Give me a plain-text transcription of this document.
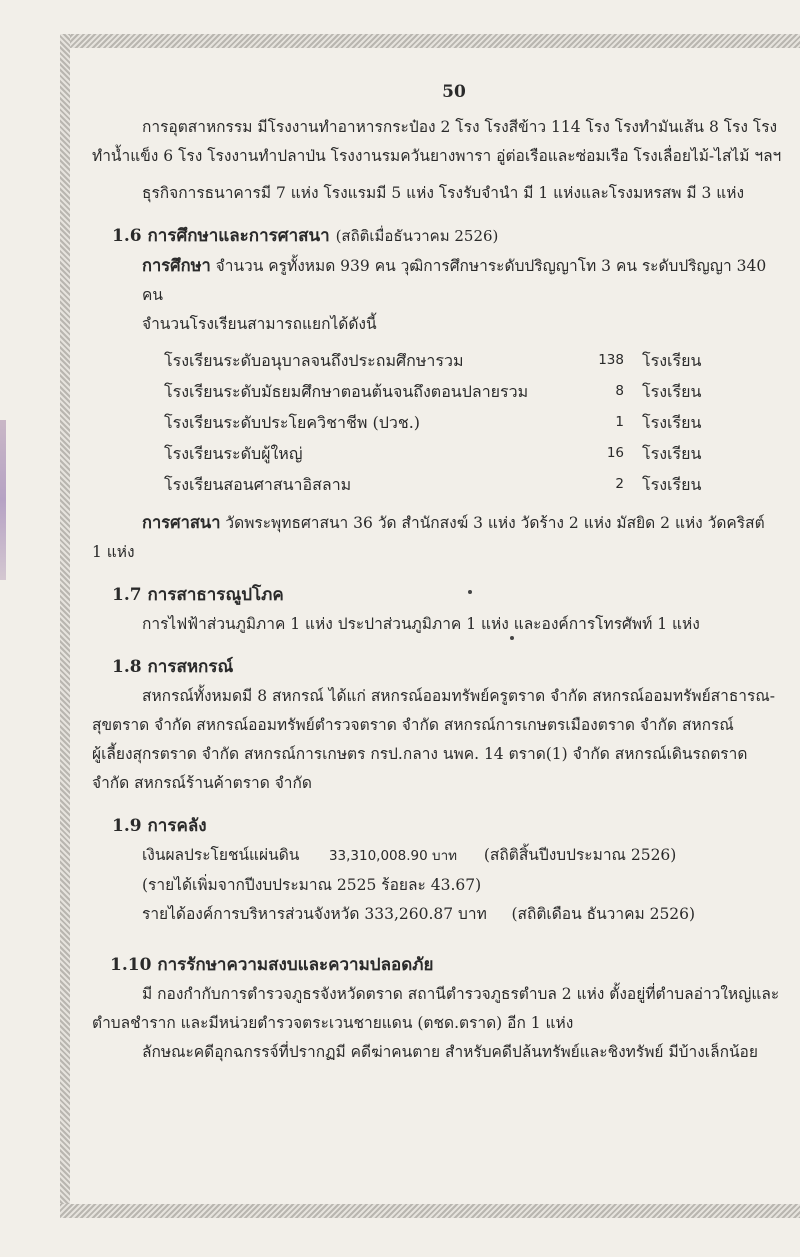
50

การอุตสาหกรรม มีโรงงานทำอาหารกระป๋อง 2 โรง โรงสีข้าว 114 โรง โรงทำมันเส้น 8 โรง โรง

ทำน้ำแข็ง 6 โรง โรงงานทำปลาป่น โรงงานรมควันยางพารา อู่ต่อเรือและซ่อมเรือ โรงเลื่อยไม้-ไสไม้ ฯลฯ

ธุรกิจการธนาคารมี 7 แห่ง โรงแรมมี 5 แห่ง โรงรับจำนำ มี 1 แห่งและโรงมหรสพ มี 3 แห่ง

1.6 การศึกษาและการศาสนา (สถิติเมื่อธันวาคม 2526)

การศึกษา จำนวน ครูทั้งหมด 939 คน วุฒิการศึกษาระดับปริญญาโท 3 คน ระดับปริญญา 340 คน

จำนวนโรงเรียนสามารถแยกได้ดังนี้

โรงเรียนระดับอนุบาลจนถึงประถมศึกษารวม	138	โรงเรียน
โรงเรียนระดับมัธยมศึกษาตอนต้นจนถึงตอนปลายรวม	8	โรงเรียน
โรงเรียนระดับประโยควิชาชีพ (ปวช.)	1	โรงเรียน
โรงเรียนระดับผู้ใหญ่	16	โรงเรียน
โรงเรียนสอนศาสนาอิสลาม	2	โรงเรียน

การศาสนา วัดพระพุทธศาสนา 36 วัด สำนักสงฆ์ 3 แห่ง วัดร้าง 2 แห่ง มัสยิด 2 แห่ง วัดคริสต์

1 แห่ง

1.7 การสาธารณูปโภค

การไฟฟ้าส่วนภูมิภาค 1 แห่ง ประปาส่วนภูมิภาค 1 แห่ง และองค์การโทรศัพท์ 1 แห่ง

1.8 การสหกรณ์

สหกรณ์ทั้งหมดมี 8 สหกรณ์ ได้แก่ สหกรณ์ออมทรัพย์ครูตราด จำกัด สหกรณ์ออมทรัพย์สาธารณ-

สุขตราด จำกัด สหกรณ์ออมทรัพย์ตำรวจตราด จำกัด สหกรณ์การเกษตรเมืองตราด จำกัด สหกรณ์

ผู้เลี้ยงสุกรตราด จำกัด สหกรณ์การเกษตร กรป.กลาง นพค. 14 ตราด(1) จำกัด สหกรณ์เดินรถตราด

จำกัด สหกรณ์ร้านค้าตราด จำกัด

1.9 การคลัง

เงินผลประโยชน์แผ่นดิน 33,310,008.90 บาท (สถิติสิ้นปีงบประมาณ 2526)

(รายได้เพิ่มจากปีงบประมาณ 2525 ร้อยละ 43.67)

รายได้องค์การบริหารส่วนจังหวัด 333,260.87 บาท (สถิติเดือน ธันวาคม 2526)

1.10 การรักษาความสงบและความปลอดภัย

มี กองกำกับการตำรวจภูธรจังหวัดตราด สถานีตำรวจภูธรตำบล 2 แห่ง ตั้งอยู่ที่ตำบลอ่าวใหญ่และ

ตำบลชำราก และมีหน่วยตำรวจตระเวนชายแดน (ตชด.ตราด) อีก 1 แห่ง

ลักษณะคดีอุกฉกรรจ์ที่ปรากฏมี คดีฆ่าคนตาย สำหรับคดีปล้นทรัพย์และชิงทรัพย์ มีบ้างเล็กน้อย
